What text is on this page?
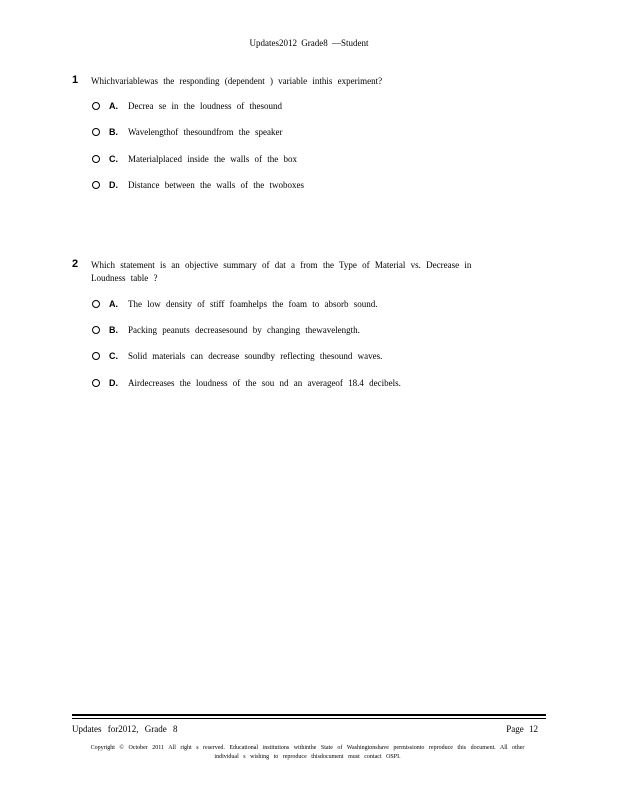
Updates2012 Grade8 —Student
1 Whichvariablewas the responding (dependent ) variable inthis experiment?
A. Decrea se in the loudness of thesound
B. Wavelengthof thesoundfrom the speaker
C. Materialplaced inside the walls of the box
D. Distance between the walls of the twoboxes
2 Which statement is an objective summary of dat a from the Type of Material vs. Decrease in Loudness table ?
A. The low density of stiff foamhelps the foam to absorb sound.
B. Packing peanuts decreasesound by changing thewavelength.
C. Solid materials can decrease soundby reflecting thesound waves.
D. Airdecreases the loudness of the sou nd an averageof 18.4 decibels.
Updates for2012, Grade 8	Page 12
Copyright © October 2011 All right s reserved. Educational institutions withinthe State of Washingtonshave permissionto reproduce this document. All other individual s wishing to reproduce thisdocument must contact OSPI.
